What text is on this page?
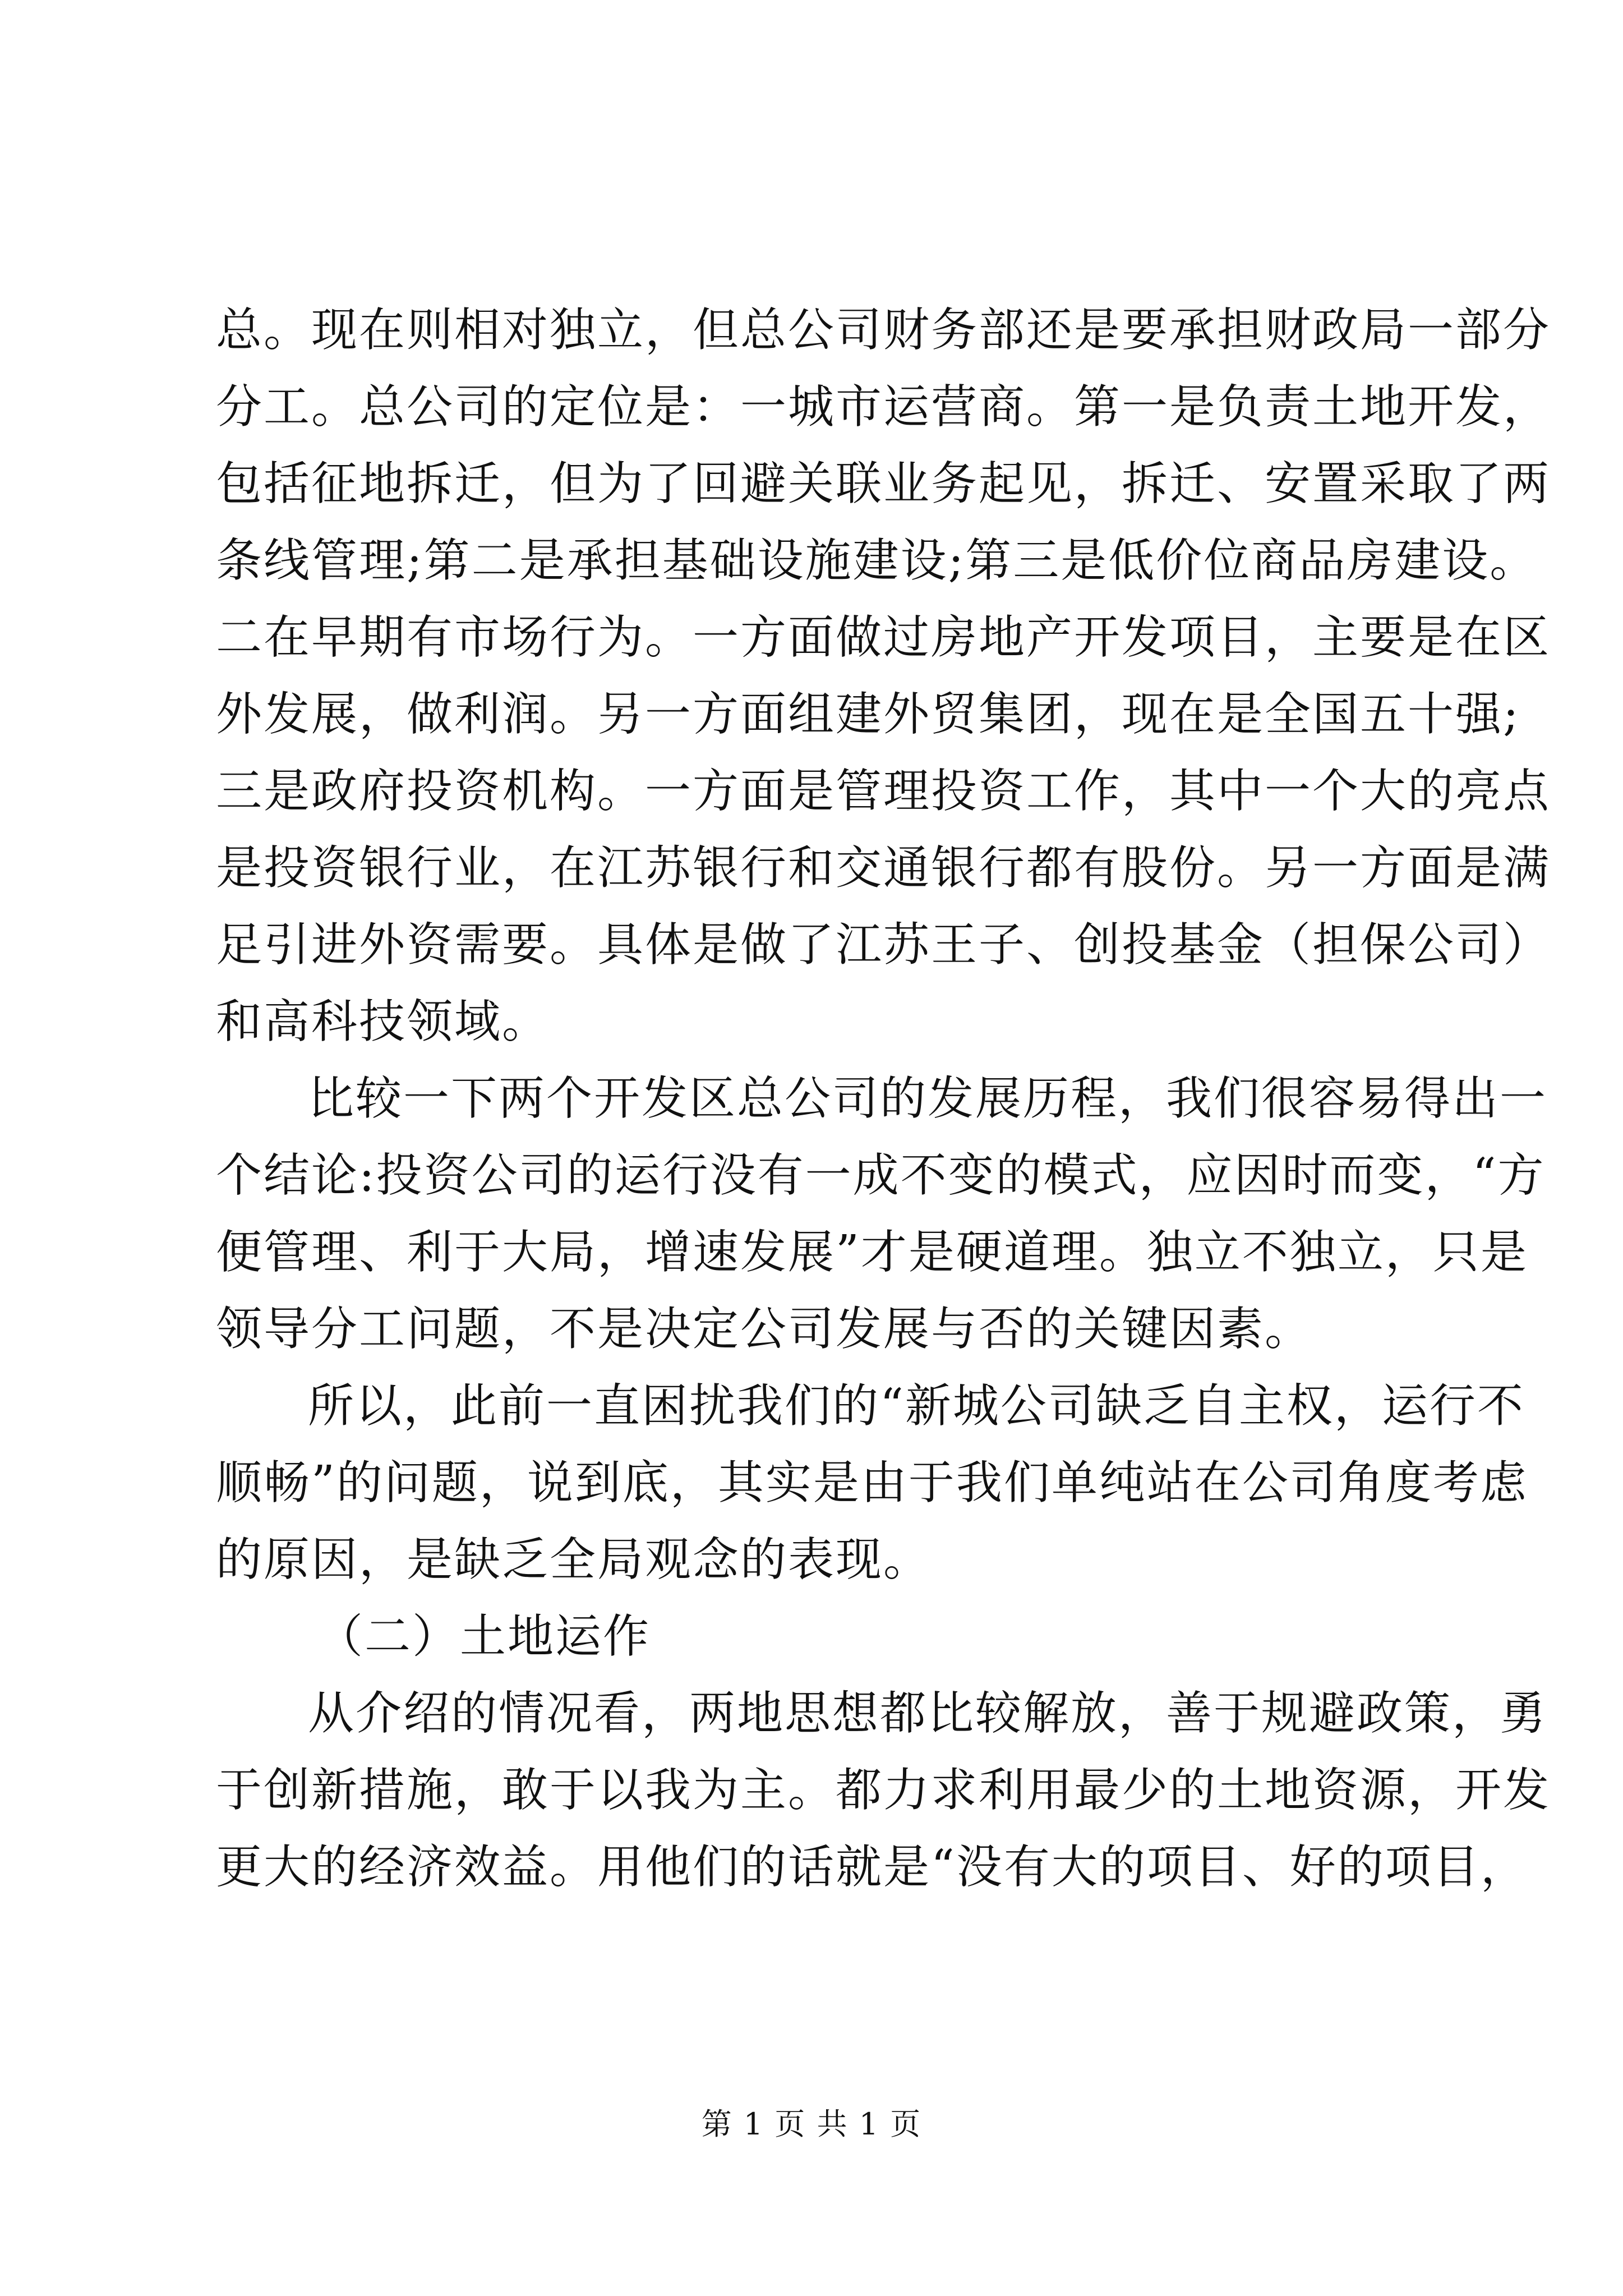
总。现在则相对独立，但总公司财务部还是要承担财政局一部分
分工。总公司的定位是：一城市运营商。第一是负责土地开发，
包括征地拆迁，但为了回避关联业务起见，拆迁、安置采取了两
条线管理;第二是承担基础设施建设;第三是低价位商品房建设。
二在早期有市场行为。一方面做过房地产开发项目，主要是在区
外发展，做利润。另一方面组建外贸集团，现在是全国五十强;
三是政府投资机构。一方面是管理投资工作，其中一个大的亮点
是投资银行业，在江苏银行和交通银行都有股份。另一方面是满
足引进外资需要。具体是做了江苏王子、创投基金（担保公司）
和高科技领域。
比较一下两个开发区总公司的发展历程，我们很容易得出一
个结论:投资公司的运行没有一成不变的模式，应因时而变，“方
便管理、利于大局，增速发展”才是硬道理。独立不独立，只是
领导分工问题，不是决定公司发展与否的关键因素。
所以，此前一直困扰我们的“新城公司缺乏自主权，运行不
顺畅”的问题，说到底，其实是由于我们单纯站在公司角度考虑
的原因，是缺乏全局观念的表现。
（二）土地运作
从介绍的情况看，两地思想都比较解放，善于规避政策，勇
于创新措施，敢于以我为主。都力求利用最少的土地资源，开发
更大的经济效益。用他们的话就是“没有大的项目、好的项目，
第 1 页 共 1 页
